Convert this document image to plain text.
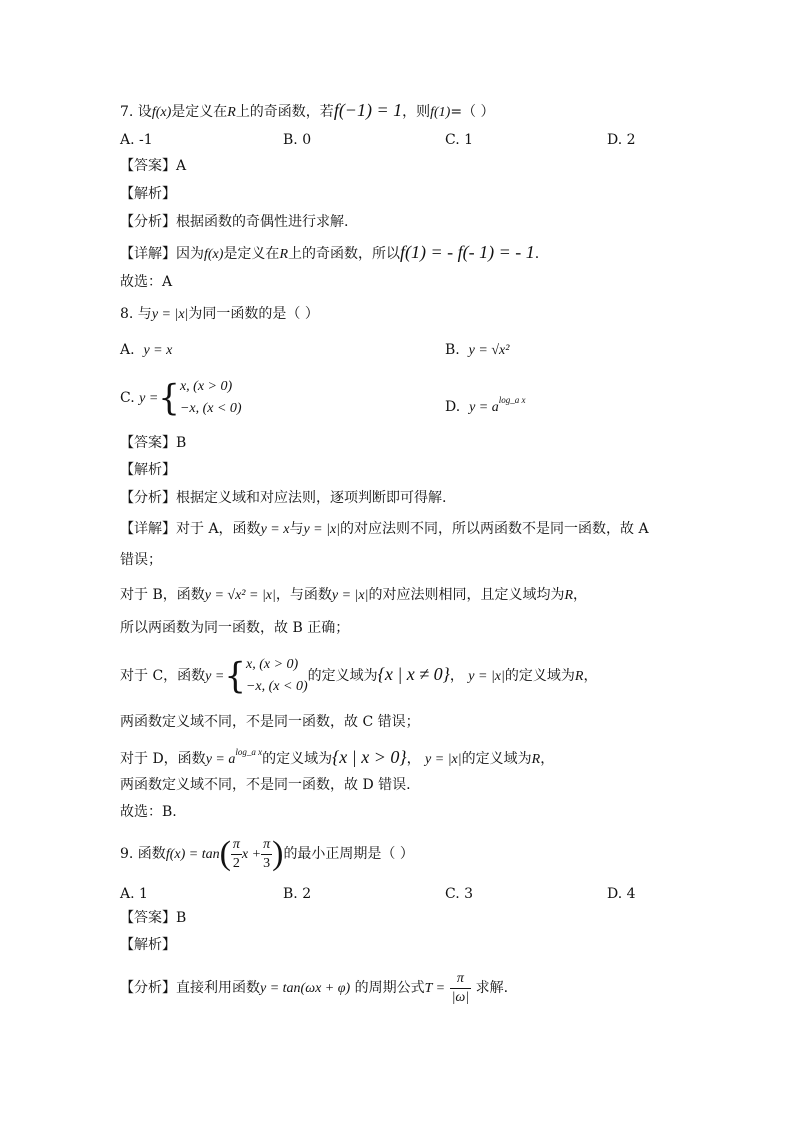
7. 设f(x)是定义在R上的奇函数，若f(−1) = 1，则f(1)=（ ）
A. -1	B. 0	C. 1	D. 2
【答案】A
【解析】
【分析】根据函数的奇偶性进行求解.
【详解】因为f(x)是定义在R上的奇函数，所以f(1) = - f(- 1) = - 1.
故选：A
8. 与y = |x|为同一函数的是（ ）
A. y = x	B. y = √x²
C. y ={ x, (x > 0)
−x, (x < 0)	D. $y = a^{log\_a x}$
【答案】B
【解析】
【分析】根据定义域和对应法则，逐项判断即可得解.
【详解】对于 A，函数y = x与y = |x|的对应法则不同，所以两函数不是同一函数，故 A
错误；
对于 B，函数y = √x² = |x|，与函数y = |x|的对应法则相同，且定义域均为R，
所以两函数为同一函数，故 B 正确；
对于 C，函数y ={ x, (x > 0)
−x, (x < 0)
的定义域为{x | x ≠ 0}， y = |x|的定义域为R，
两函数定义域不同，不是同一函数，故 C 错误；
对于 D，函数$y = a^{log\_a x}$的定义域为{x | x > 0}， y = |x|的定义域为R，
两函数定义域不同，不是同一函数，故 D 错误.
故选：B.
9. 函数$f(x) = \tan( \frac{\pi}{2}$ $x + \frac{\pi}{3}$ )的最小正周期是（ ）
A. 1	B. 2	C. 3	D. 4
【答案】B
【解析】
【分析】直接利用函数y = tan(ωx + φ) 的周期公式$T = \frac{\pi}{|\omega|}$ 求解.
